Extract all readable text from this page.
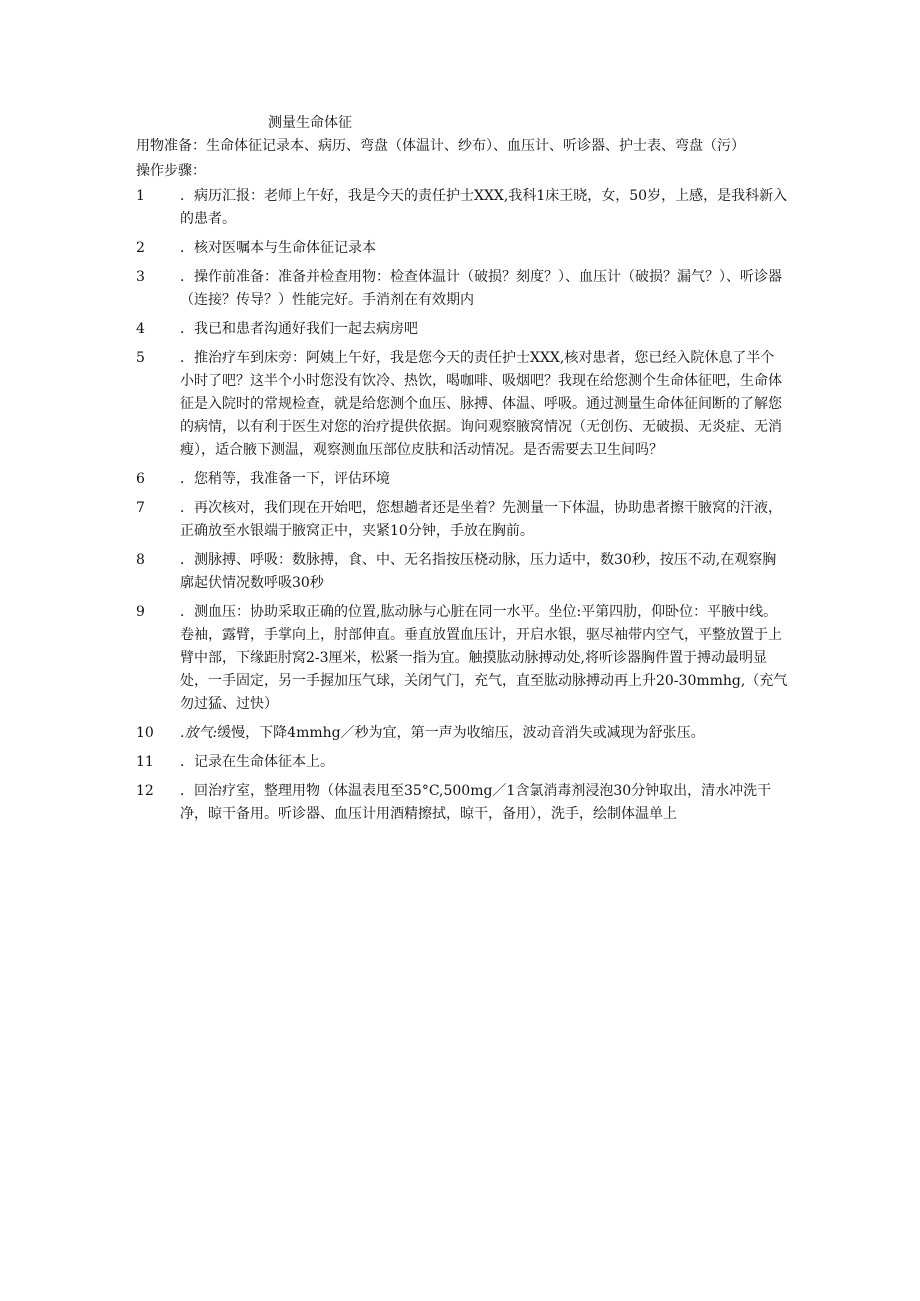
测量生命体征

用物准备：生命体征记录本、病历、弯盘（体温计、纱布）、血压计、听诊器、护士表、弯盘（污）

操作步骤：

1	．病历汇报：老师上午好，我是今天的责任护士XXX,我科1床王晓，女，50岁，上感，是我科新入的患者。
2	．核对医嘱本与生命体征记录本
3	．操作前准备：准备并检查用物：检查体温计（破损？刻度？）、血压计（破损？漏气？）、听诊器（连接？传导？）性能完好。手消剂在有效期内
4	．我已和患者沟通好我们一起去病房吧
5	．推治疗车到床旁：阿姨上午好，我是您今天的责任护士XXX,核对患者，您已经入院休息了半个小时了吧？这半个小时您没有饮冷、热饮，喝咖啡、吸烟吧？我现在给您测个生命体征吧，生命体征是入院时的常规检查，就是给您测个血压、脉搏、体温、呼吸。通过测量生命体征间断的了解您的病情，以有利于医生对您的治疗提供依据。询问观察腋窝情况（无创伤、无破损、无炎症、无消瘦），适合腋下测温，观察测血压部位皮肤和活动情况。是否需要去卫生间吗？
6	．您稍等，我准备一下，评估环境
7	．再次核对，我们现在开始吧，您想趟者还是坐着？先测量一下体温，协助患者擦干腋窝的汗液，正确放至水银端于腋窝正中，夹紧10分钟，手放在胸前。
8	．测脉搏、呼吸：数脉搏，食、中、无名指按压桡动脉，压力适中，数30秒，按压不动,在观察胸廓起伏情况数呼吸30秒
9	．测血压：协助采取正确的位置,肱动脉与心脏在同一水平。坐位:平第四肋，仰卧位：平腋中线。卷袖，露臂，手掌向上，肘部伸直。垂直放置血压计，开启水银，驱尽袖带内空气，平整放置于上臂中部，下缘距肘窝2-3厘米，松紧一指为宜。触摸肱动脉搏动处,将听诊器胸件置于搏动最明显处，一手固定，另一手握加压气球，关闭气门，充气，直至肱动脉搏动再上升20-30mmhg,（充气勿过猛、过快）
10	.放气:缓慢，下降4mmhg／秒为宜，第一声为收缩压，波动音消失或减现为舒张压。
11	．记录在生命体征本上。
12	．回治疗室，整理用物（体温表甩至35°C,500mg／1含氯消毒剂浸泡30分钟取出，清水冲洗干净，晾干备用。听诊器、血压计用酒精擦拭，晾干，备用），洗手，绘制体温单上
